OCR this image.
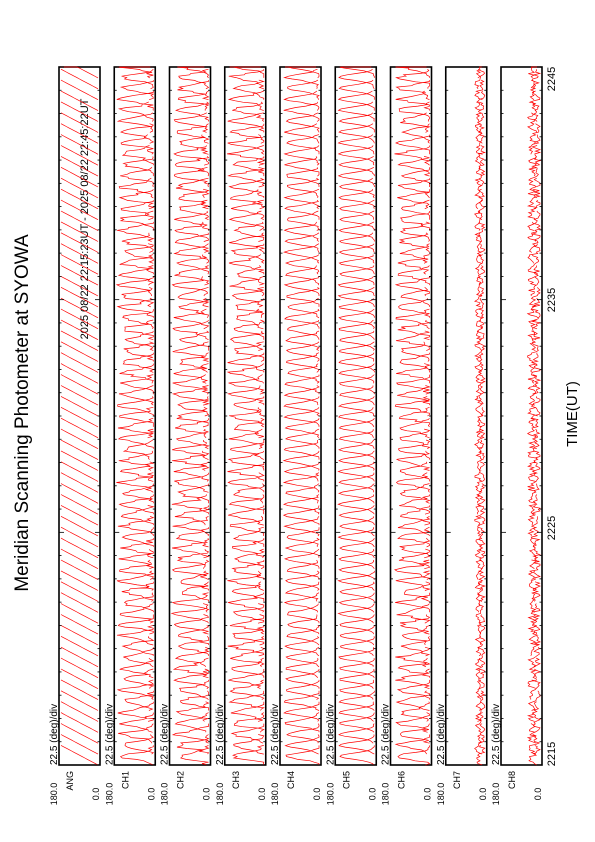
Meridian Scanning Photometer at SYOWA
2025 08/22 22:15:23UT - 2025 08/22 22:45:22UT
TIME(UT)
2215
2225
2235
2245
22.5 (deg)/div
180.0	0.0
ANG
22.5 (deg)/div
180.0	0.0
CH1
22.5 (deg)/div
180.0	0.0
CH2
22.5 (deg)/div
180.0	0.0
CH3
22.5 (deg)/div
180.0	0.0
CH4
22.5 (deg)/div
180.0	0.0
CH5
22.5 (deg)/div
180.0	0.0
CH6
22.5 (deg)/div
180.0	0.0
CH7
22.5 (deg)/div
180.0	0.0
CH8
